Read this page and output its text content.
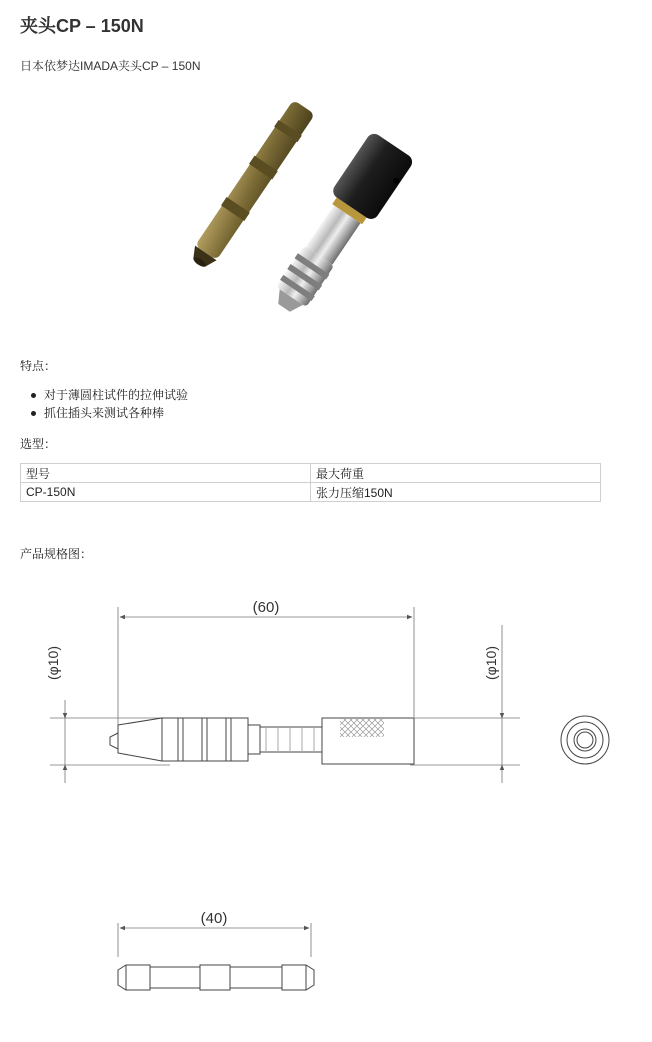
夹头CP – 150N
日本依梦达IMADA夹头CP – 150N
特点：
对于薄圆柱试件的拉伸试验
抓住插头来测试各种棒
选型：
型号	最大荷重
CP-150N	张力压缩150N
产品规格图：
(60)
(φ10)	(φ10)
(40)
